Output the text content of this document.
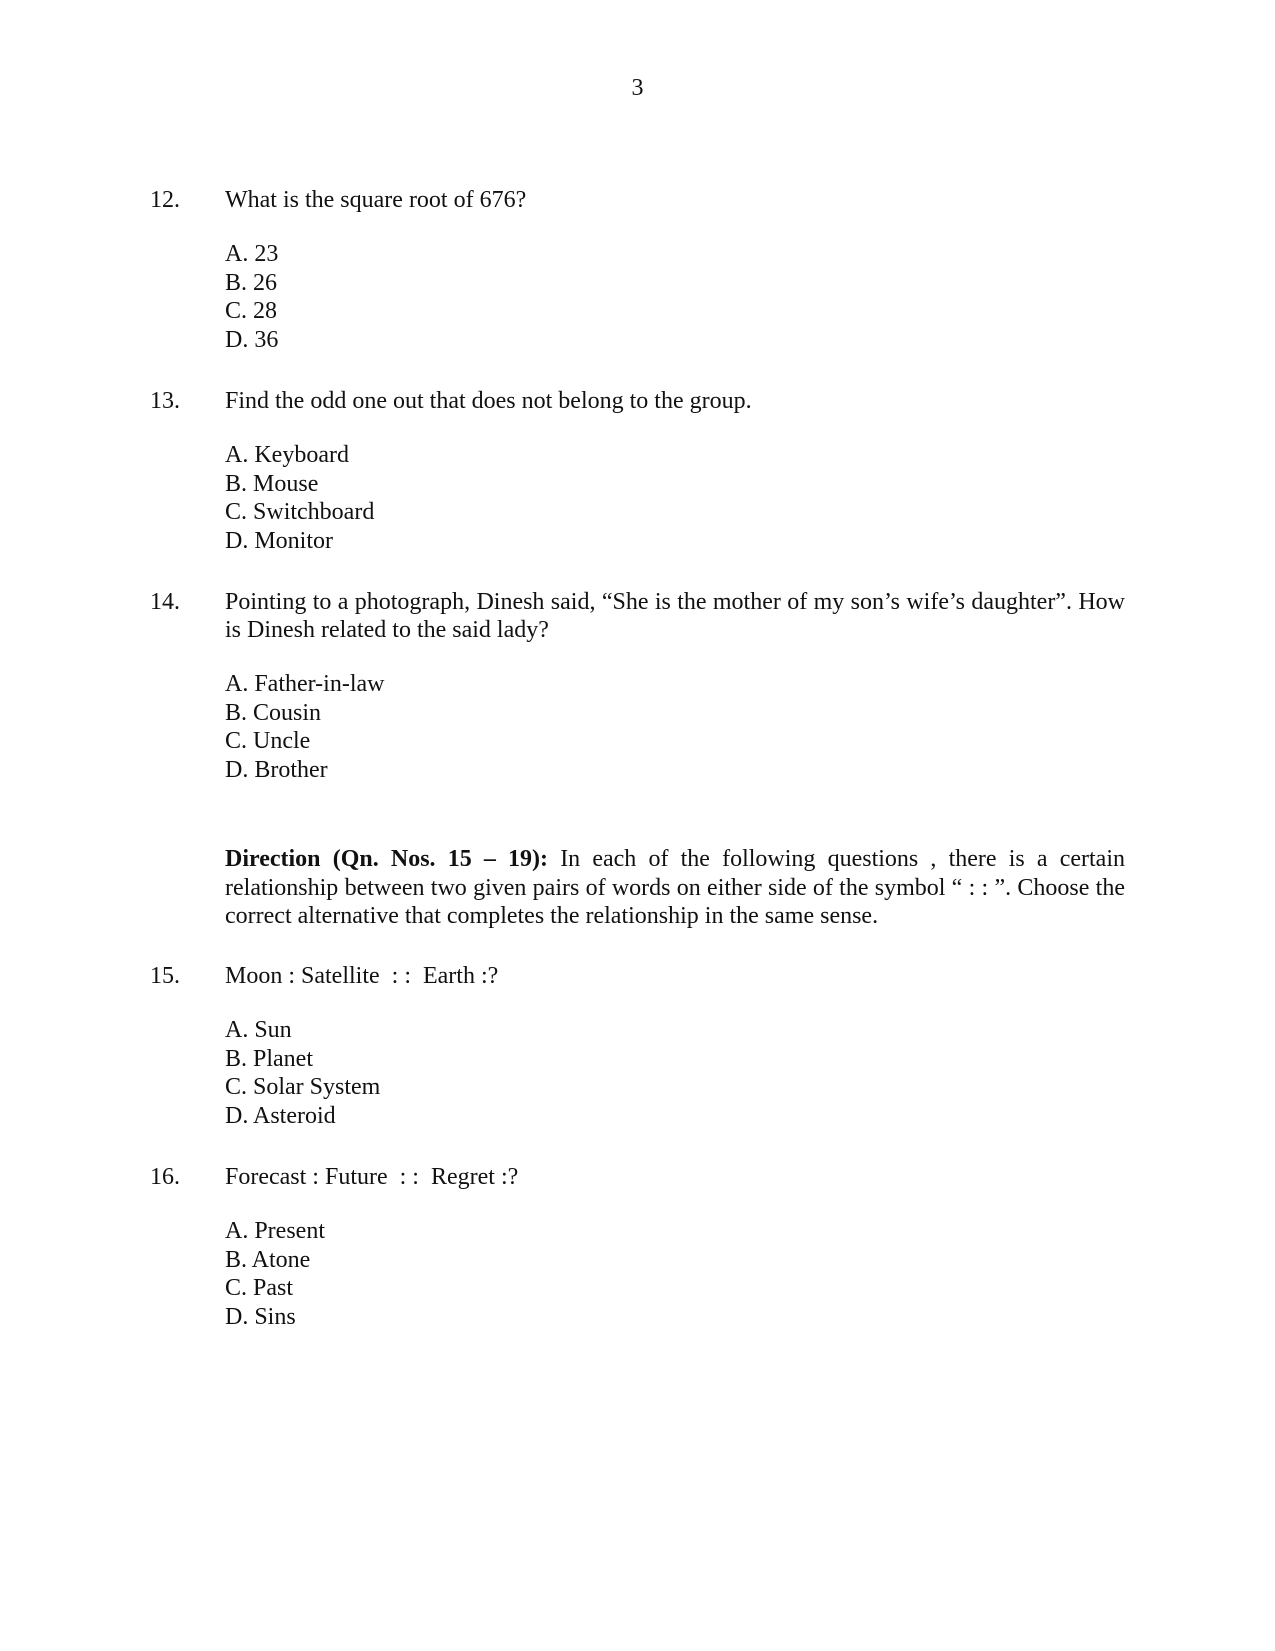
3
12. What is the square root of 676?
A. 23
B. 26
C. 28
D. 36
13. Find the odd one out that does not belong to the group.
A. Keyboard
B. Mouse
C. Switchboard
D. Monitor
14. Pointing to a photograph, Dinesh said, “She is the mother of my son’s wife’s daughter”. How is Dinesh related to the said lady?
A. Father-in-law
B. Cousin
C. Uncle
D. Brother
Direction (Qn. Nos. 15 – 19): In each of the following questions , there is a certain relationship between two given pairs of words on either side of the symbol “ : : ”. Choose the correct alternative that completes the relationship in the same sense.
15. Moon : Satellite  : :  Earth :?
A. Sun
B. Planet
C. Solar System
D. Asteroid
16. Forecast : Future  : :  Regret :?
A. Present
B. Atone
C. Past
D. Sins
